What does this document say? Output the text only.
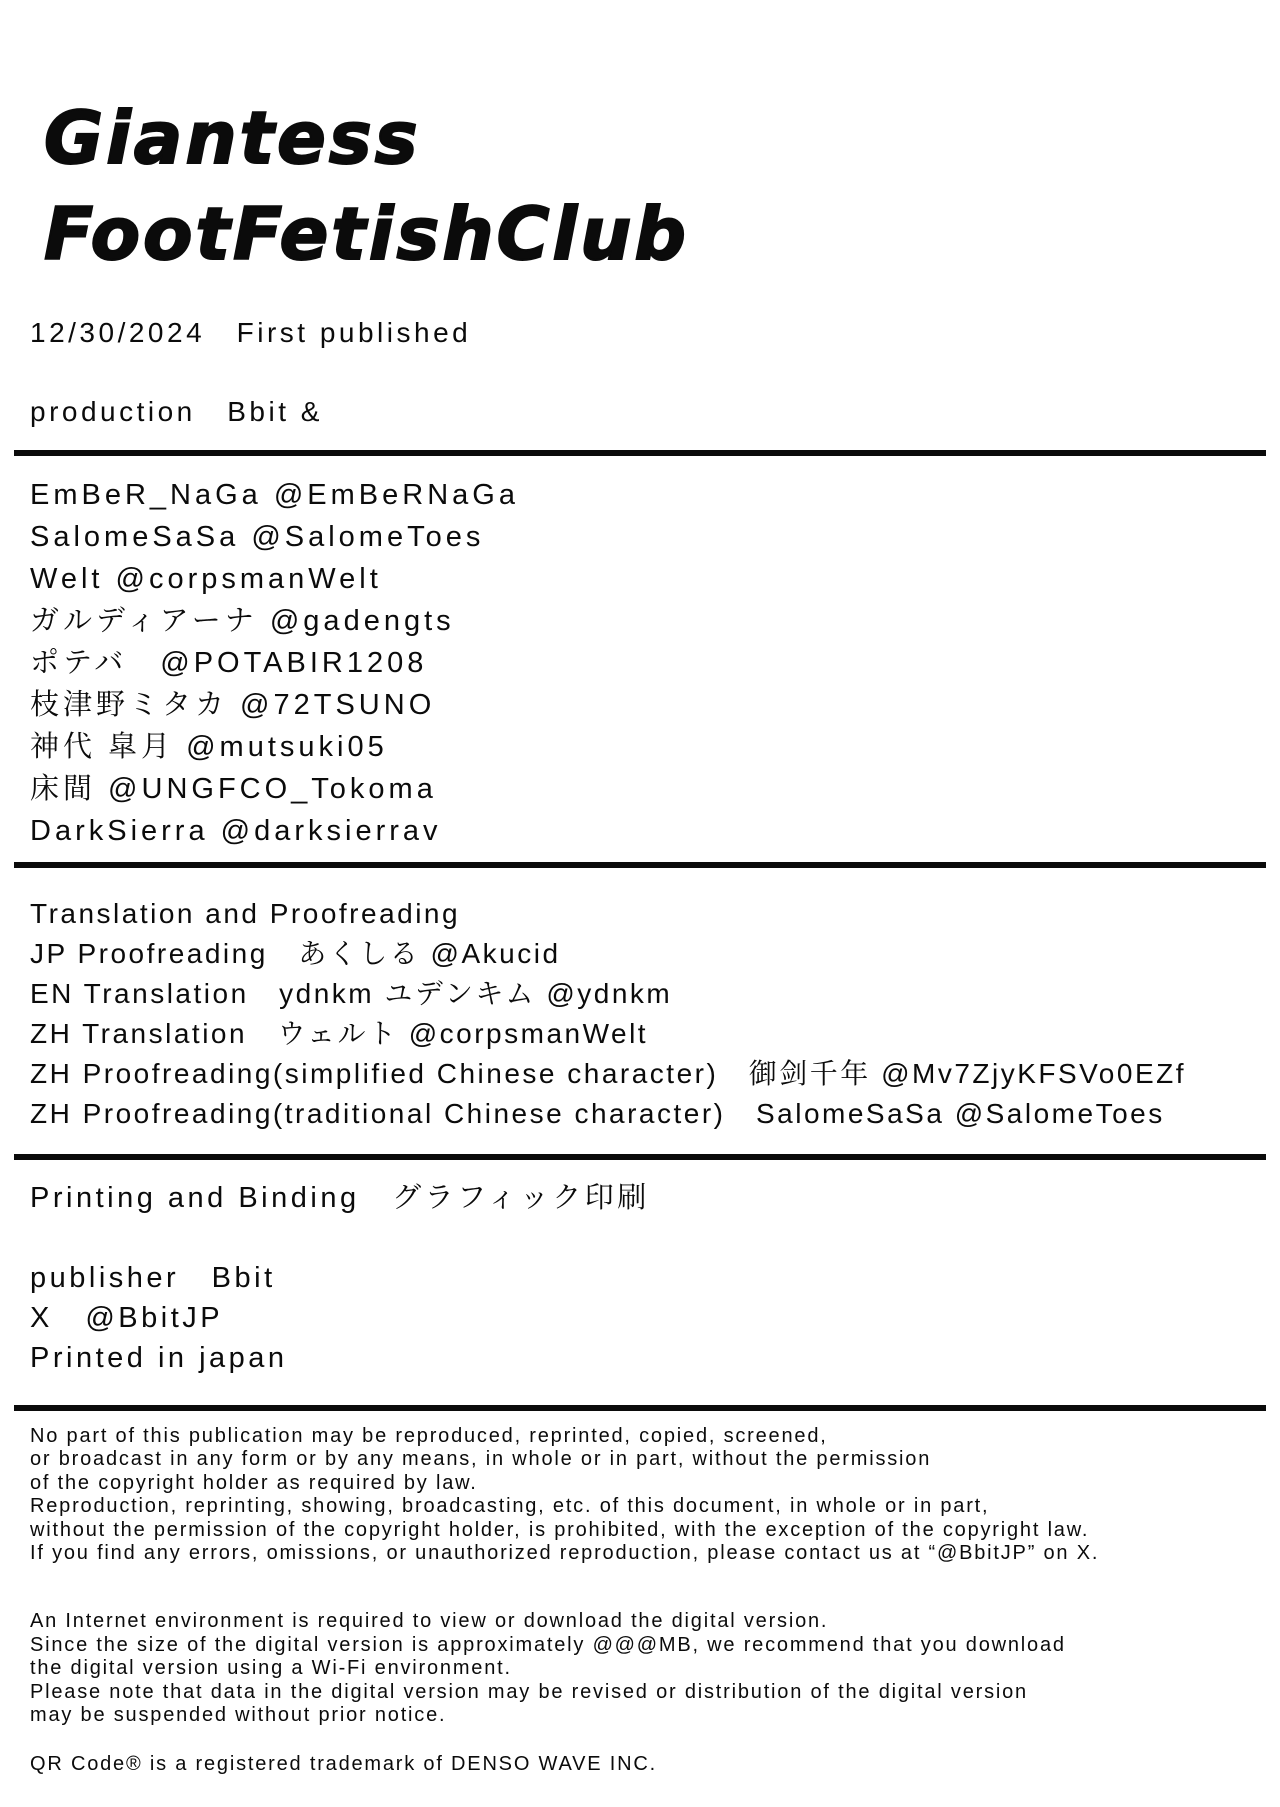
Giantess
FootFetishClub
12/30/2024　First published
production　Bbit &
EmBeR_NaGa @EmBeRNaGa
SalomeSaSa @SalomeToes
Welt @corpsmanWelt
ガルディアーナ @gadengts
ポテバ　@POTABIR1208
枝津野ミタカ @72TSUNO
神代 皐月 @mutsuki05
床間 @UNGFCO_Tokoma
DarkSierra @darksierrav
Translation and Proofreading
JP Proofreading　あくしる @Akucid
EN Translation　ydnkm ユデンキム @ydnkm
ZH Translation　ウェルト @corpsmanWelt
ZH Proofreading(simplified Chinese character)　御剑千年 @Mv7ZjyKFSVo0EZf
ZH Proofreading(traditional Chinese character)　SalomeSaSa @SalomeToes
Printing and Binding　グラフィック印刷
publisher　Bbit
X　@BbitJP
Printed in japan
No part of this publication may be reproduced, reprinted, copied, screened,
or broadcast in any form or by any means, in whole or in part, without the permission
of the copyright holder as required by law.
Reproduction, reprinting, showing, broadcasting, etc. of this document, in whole or in part,
without the permission of the copyright holder, is prohibited, with the exception of the copyright law.
If you find any errors, omissions, or unauthorized reproduction, please contact us at “@BbitJP” on X.
An Internet environment is required to view or download the digital version.
Since the size of the digital version is approximately @@@MB, we recommend that you download
the digital version using a Wi-Fi environment.
Please note that data in the digital version may be revised or distribution of the digital version
may be suspended without prior notice.
QR Code® is a registered trademark of DENSO WAVE INC.
